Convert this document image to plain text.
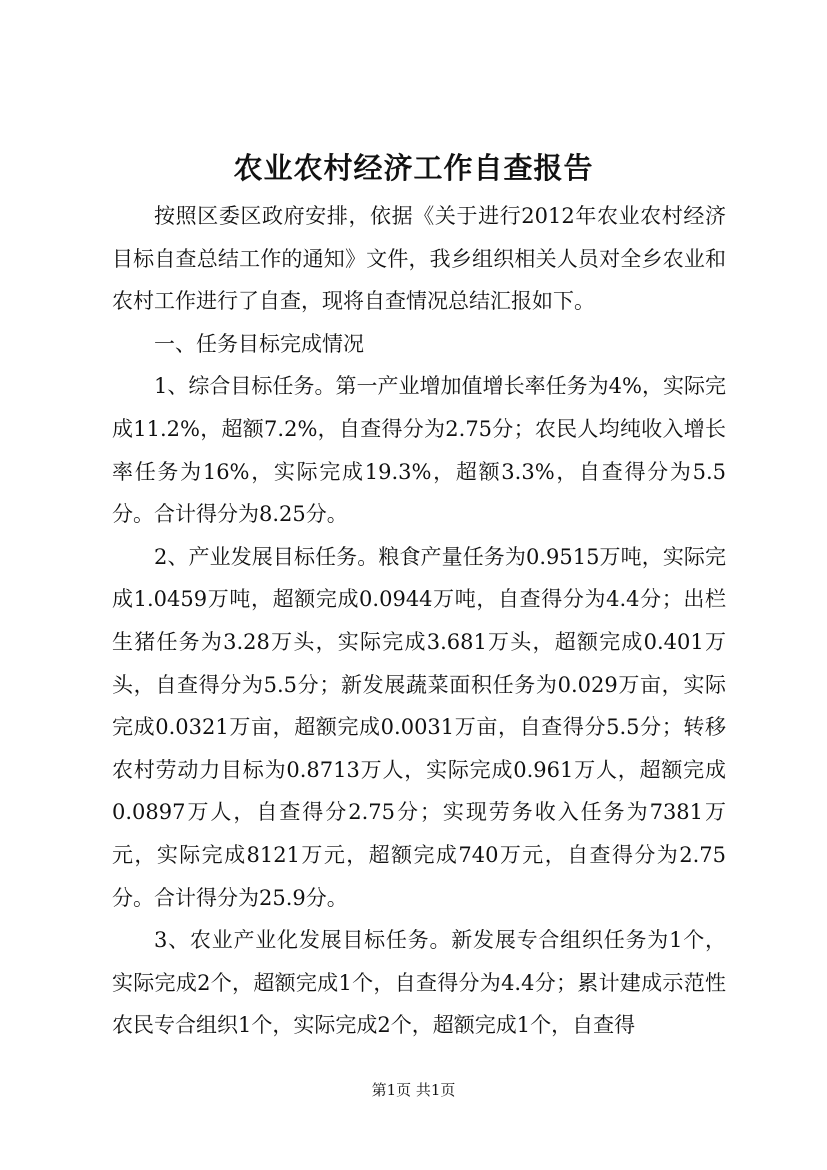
农业农村经济工作自查报告

按照区委区政府安排，依据《关于进行2012年农业农村经济目标自查总结工作的通知》文件，我乡组织相关人员对全乡农业和农村工作进行了自查，现将自查情况总结汇报如下。

一、任务目标完成情况

1、综合目标任务。第一产业增加值增长率任务为4%，实际完成11.2%，超额7.2%，自查得分为2.75分；农民人均纯收入增长率任务为16%，实际完成19.3%，超额3.3%，自查得分为5.5分。合计得分为8.25分。

2、产业发展目标任务。粮食产量任务为0.9515万吨，实际完成1.0459万吨，超额完成0.0944万吨，自查得分为4.4分；出栏生猪任务为3.28万头，实际完成3.681万头，超额完成0.401万头，自查得分为5.5分；新发展蔬菜面积任务为0.029万亩，实际完成0.0321万亩，超额完成0.0031万亩，自查得分5.5分；转移农村劳动力目标为0.8713万人，实际完成0.961万人，超额完成0.0897万人，自查得分2.75分；实现劳务收入任务为7381万元，实际完成8121万元，超额完成740万元，自查得分为2.75分。合计得分为25.9分。

3、农业产业化发展目标任务。新发展专合组织任务为1个，实际完成2个，超额完成1个，自查得分为4.4分；累计建成示范性农民专合组织1个，实际完成2个，超额完成1个，自查得

第1页 共1页
